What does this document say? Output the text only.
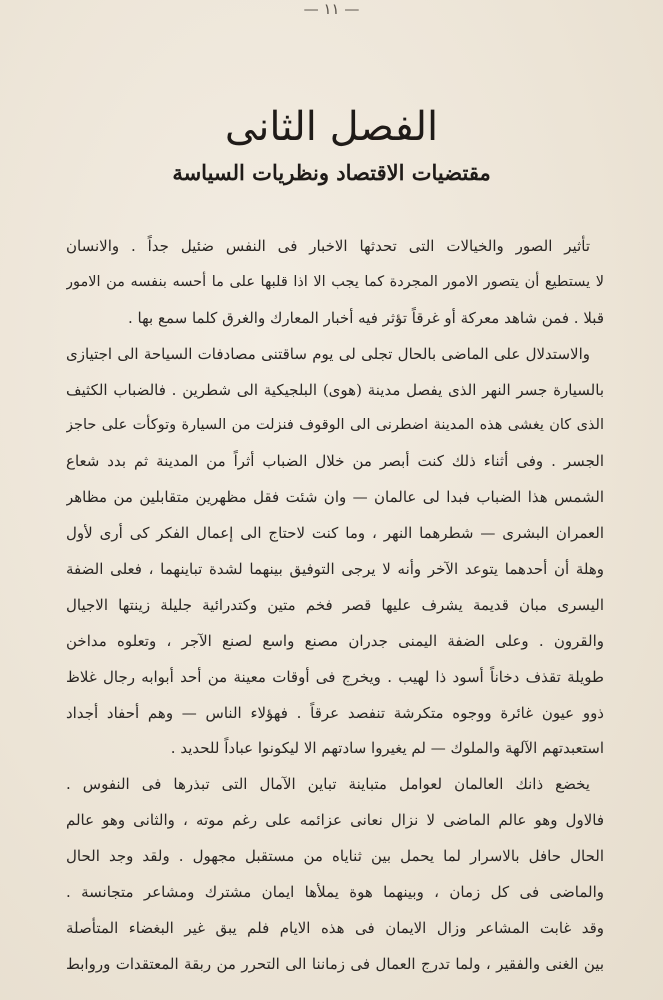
— ١١ —
الفصل الثانى
مقتضيات الاقتصاد ونظريات السياسة
تأثير الصور والخيالات التى تحدثها الاخبار فى النفس ضئيل جداً . والانسان
لا يستطيع أن يتصور الامور المجردة كما يجب الا اذا قلبها على ما أحسه بنفسه من الامور
قبلا . فمن شاهد معركة أو غرقاً تؤثر فيه أخبار المعارك والغرق كلما سمع بها .
والاستدلال على الماضى بالحال تجلى لى يوم ساقتنى مصادفات السياحة الى اجتيازى
بالسيارة جسر النهر الذى يفصل مدينة (هوى) البلجيكية الى شطرين . فالضباب الكثيف
الذى كان يغشى هذه المدينة اضطرنى الى الوقوف فنزلت من السيارة وتوكأت على حاجز
الجسر . وفى أثناء ذلك كنت أبصر من خلال الضباب أثراً من المدينة ثم بدد شعاع
الشمس هذا الضباب فبدا لى عالمان — وان شئت فقل مظهرين متقابلين من مظاهر
العمران البشرى — شطرهما النهر ، وما كنت لاحتاج الى إعمال الفكر كى أرى لأول
وهلة أن أحدهما يتوعد الآخر وأنه لا يرجى التوفيق بينهما لشدة تباينهما ، فعلى الضفة
اليسرى مبان قديمة يشرف عليها قصر فخم متين وكتدرائية جليلة زينتها الاجيال
والقرون . وعلى الضفة اليمنى جدران مصنع واسع لصنع الآجر ، وتعلوه مداخن
طويلة تقذف دخاناً أسود ذا لهيب . ويخرج فى أوقات معينة من أحد أبوابه رجال غلاظ
ذوو عيون غائرة ووجوه متكرشة تنفصد عرقاً . فهؤلاء الناس — وهم أحفاد أجداد
استعبدتهم الآلهة والملوك — لم يغيروا سادتهم الا ليكونوا عباداً للحديد .
يخضع ذانك العالمان لعوامل متباينة تباين الآمال التى تبذرها فى النفوس .
فالاول وهو عالم الماضى لا نزال نعانى عزائمه على رغم موته ، والثانى وهو عالم
الحال حافل بالاسرار لما يحمل بين ثناياه من مستقبل مجهول . ولقد وجد الحال
والماضى فى كل زمان ، وبينهما هوة يملأها ايمان مشترك ومشاعر متجانسة .
وقد غابت المشاعر وزال الايمان فى هذه الايام فلم يبق غير البغضاء المتأصلة
بين الغنى والفقير ، ولما تدرج العمال فى زماننا الى التحرر من ربقة المعتقدات وروابط
